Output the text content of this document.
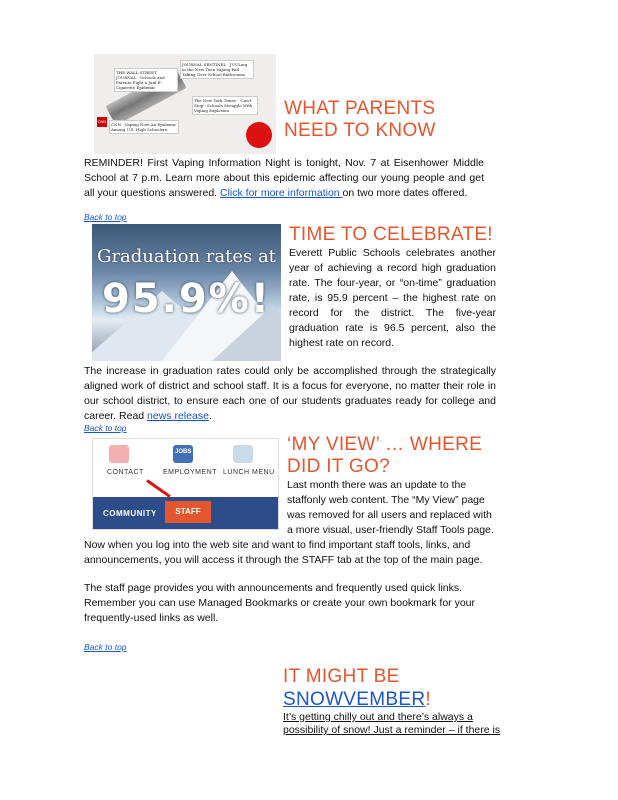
JOURNAL SENTINEL · JUULing in the New Teen Vaping Fad Taking Over School Bathrooms
THE WALL STREET JOURNAL · Schools and Parents Fight a Juul E-Cigarette Epidemic
The New York Times · 'Can't Stop': Schools Struggle With Vaping Explosion
CNN
CNN · Vaping Now An Epidemic Among U.S. High Schoolers
WHAT PARENTS NEED TO KNOW

REMINDER! First Vaping Information Night is tonight, Nov. 7 at Eisenhower Middle School at 7 p.m. Learn more about this epidemic affecting our young people and get all your questions answered. Click for more information on two more dates offered.

Back to top
Graduation rates at
95.9%!
TIME TO CELEBRATE!

Everett Public Schools celebrates another year of achieving a record high graduation rate. The four-year, or “on-time” graduation rate, is 95.9 percent – the highest rate on record for the district. The five-year graduation rate is 96.5 percent, also the highest rate on record.

The increase in graduation rates could only be accomplished through the strategically aligned work of district and school staff. It is a focus for everyone, no matter their role in our school district, to ensure each one of our students graduates ready for college and career. Read news release.

Back to top
JOBS
CONTACT	EMPLOYMENT LUNCH MENU
COMMUNITY	STAFF
‘MY VIEW’ … WHERE DID IT GO?

Last month there was an update to the staffonly web content. The “My View” page was removed for all users and replaced with a more visual, user-friendly Staff Tools page. Now when you log into the web site and want to find important staff tools, links, and announcements, you will access it through the STAFF tab at the top of the main page.

The staff page provides you with announcements and frequently used quick links. Remember you can use Managed Bookmarks or create your own bookmark for your frequently-used links as well.

Back to top
IT MIGHT BE
SNOWVEMBER!

It’s getting chilly out and there’s always a possibility of snow! Just a reminder – if there is
